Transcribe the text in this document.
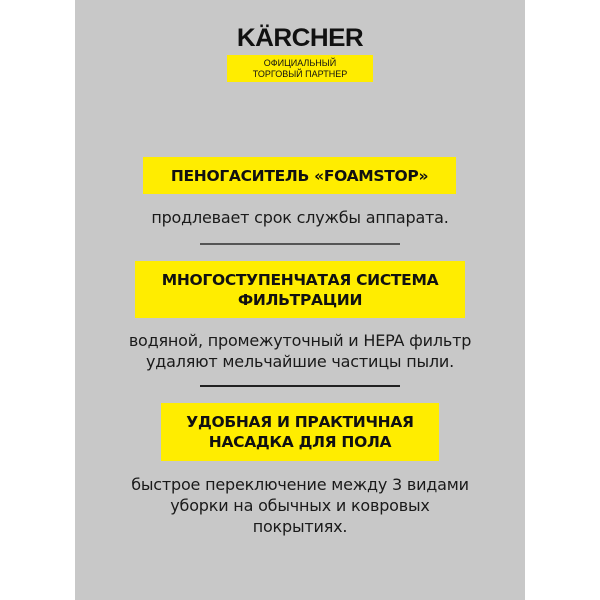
KÄRCHER
ОФИЦИАЛЬНЫЙ
ТОРГОВЫЙ ПАРТНЕР
ПЕНОГАСИТЕЛЬ «FOAMSTOP»
продлевает срок службы аппарата.
МНОГОСТУПЕНЧАТАЯ СИСТЕМА
ФИЛЬТРАЦИИ
водяной, промежуточный и HEPA фильтр
удаляют мельчайшие частицы пыли.
УДОБНАЯ И ПРАКТИЧНАЯ
НАСАДКА ДЛЯ ПОЛА
быстрое переключение между 3 видами
уборки на обычных и ковровых
покрытиях.
